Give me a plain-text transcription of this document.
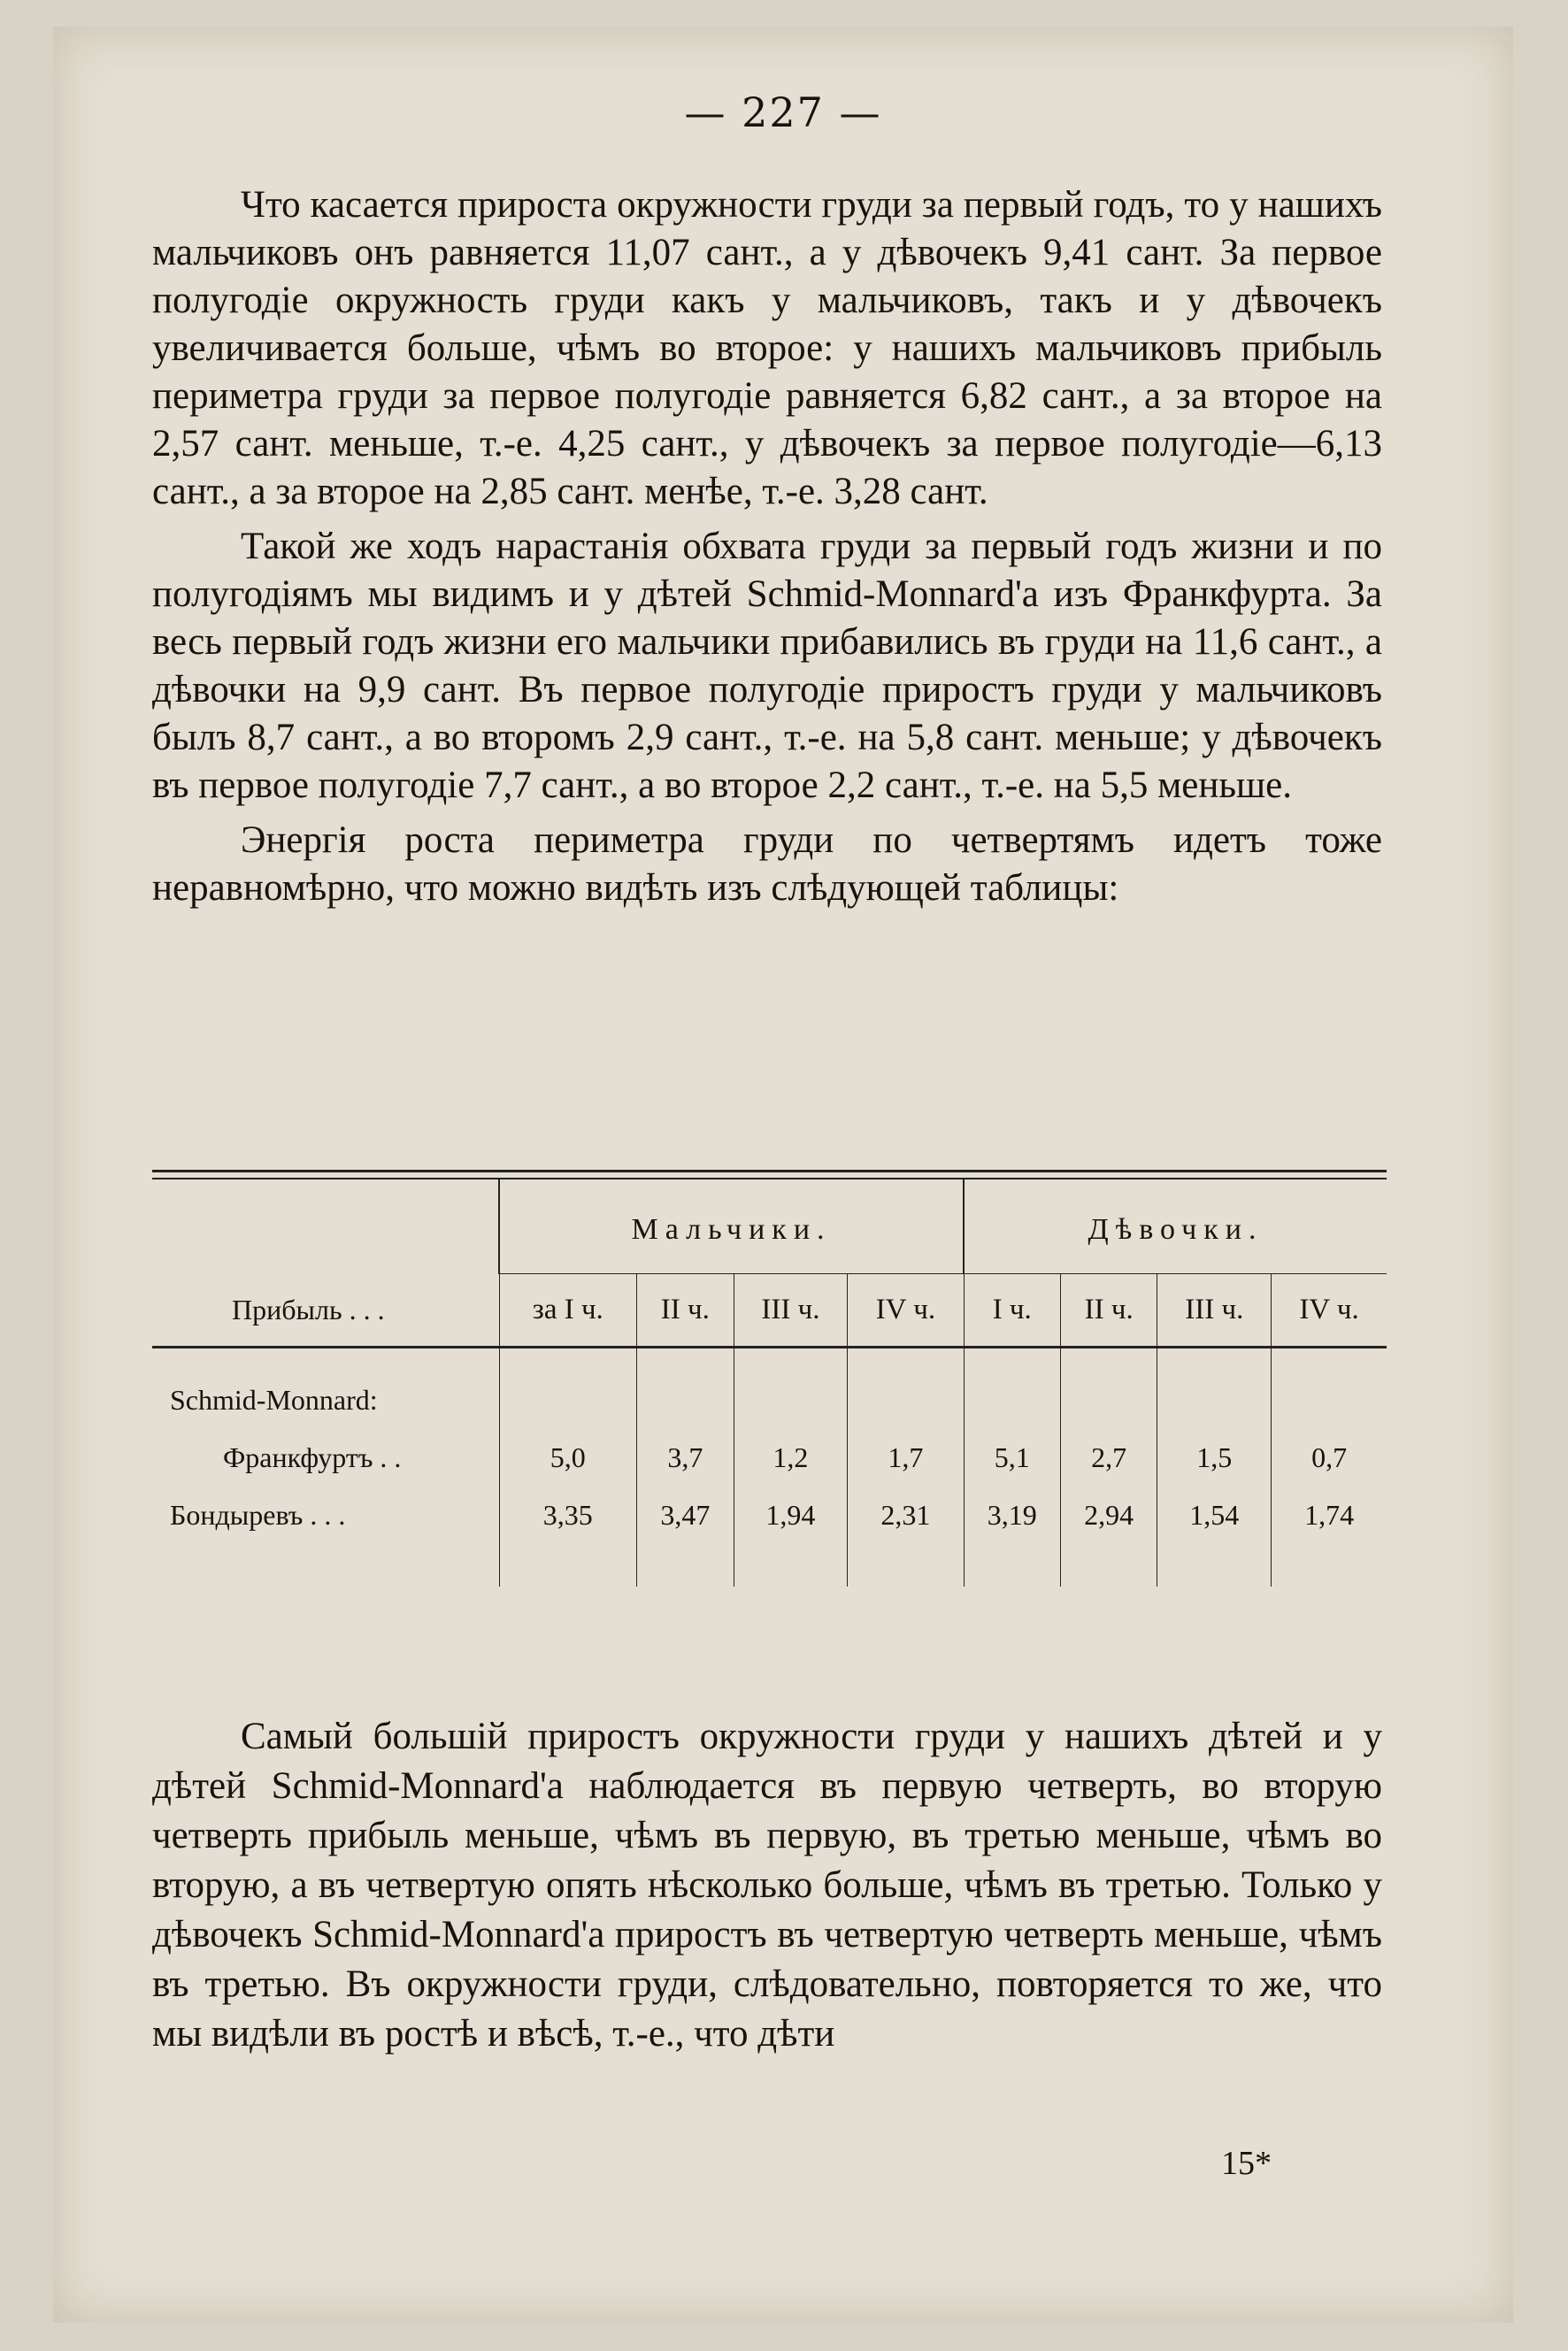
— 227 —

Что касается прироста окружности груди за первый годъ, то у нашихъ мальчиковъ онъ равняется 11,07 сант., а у дѣвочекъ 9,41 сант. За первое полугодіе окружность груди какъ у мальчиковъ, такъ и у дѣвочекъ увеличивается больше, чѣмъ во второе: у нашихъ мальчиковъ прибыль периметра груди за первое полугодіе равняется 6,82 сант., а за второе на 2,57 сант. меньше, т.-е. 4,25 сант., у дѣвочекъ за первое полугодіе—6,13 сант., а за второе на 2,85 сант. менѣе, т.-е. 3,28 сант.

Такой же ходъ нарастанія обхвата груди за первый годъ жизни и по полугодіямъ мы видимъ и у дѣтей Schmid-Monnard'а изъ Франкфурта. За весь первый годъ жизни его мальчики прибавились въ груди на 11,6 сант., а дѣвочки на 9,9 сант. Въ первое полугодіе приростъ груди у мальчиковъ былъ 8,7 сант., а во второмъ 2,9 сант., т.-е. на 5,8 сант. меньше; у дѣвочекъ въ первое полугодіе 7,7 сант., а во второе 2,2 сант., т.-е. на 5,5 меньше.

Энергія роста периметра груди по четвертямъ идетъ тоже неравномѣрно, что можно видѣть изъ слѣдующей таблицы:

Прибыль . . .	Мальчики.				Дѣвочки.			
	за I ч.	II ч.	III ч.	IV ч.	I ч.	II ч.	III ч.	IV ч.
Schmid-Monnard:								
Франкфуртъ . .	5,0	3,7	1,2	1,7	5,1	2,7	1,5	0,7
Бондыревъ . . .	3,35	3,47	1,94	2,31	3,19	2,94	1,54	1,74

Самый большій приростъ окружности груди у нашихъ дѣтей и у дѣтей Schmid-Monnard'а наблюдается въ первую четверть, во вторую четверть прибыль меньше, чѣмъ въ первую, въ третью меньше, чѣмъ во вторую, а въ четвертую опять нѣсколько больше, чѣмъ въ третью. Только у дѣвочекъ Schmid-Monnard'а приростъ въ четвертую четверть меньше, чѣмъ въ третью. Въ окружности груди, слѣдовательно, повторяется то же, что мы видѣли въ ростѣ и вѣсѣ, т.-е., что дѣти

15*
